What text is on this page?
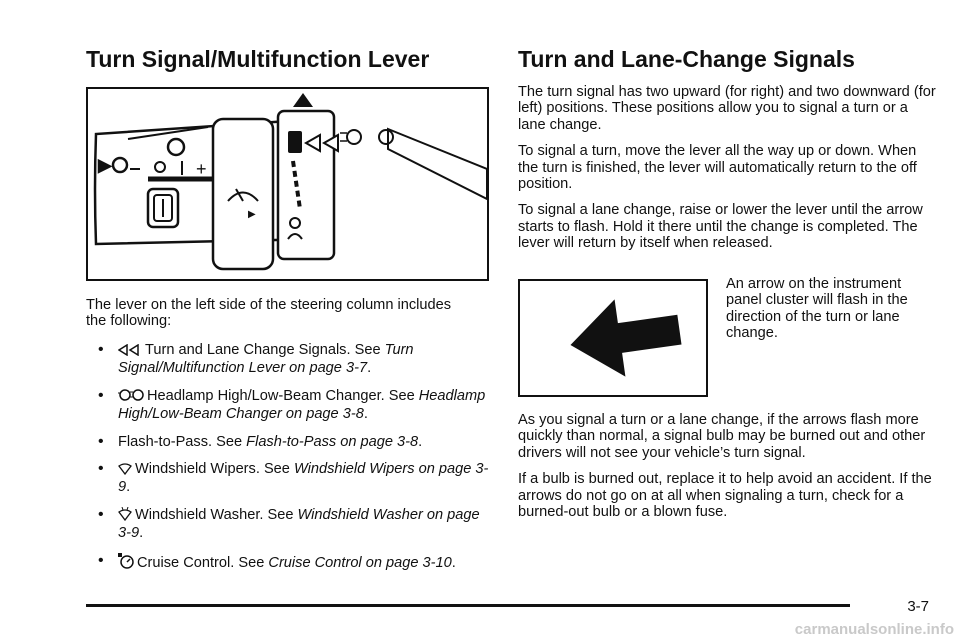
Turn Signal/Multifunction Lever
▶	+
▶

The lever on the left side of the steering column includes the following:

• Turn and Lane Change Signals. See Turn Signal/Multifunction Lever on page 3-7.
• Headlamp High/Low-Beam Changer. See Headlamp High/Low-Beam Changer on page 3-8.
• Flash-to-Pass. See Flash-to-Pass on page 3-8.
• Windshield Wipers. See Windshield Wipers on page 3-9.
• Windshield Washer. See Windshield Washer on page 3-9.
• Cruise Control. See Cruise Control on page 3-10.
Turn and Lane-Change Signals

The turn signal has two upward (for right) and two downward (for left) positions. These positions allow you to signal a turn or a lane change.

To signal a turn, move the lever all the way up or down. When the turn is finished, the lever will automatically return to the off position.

To signal a lane change, raise or lower the lever until the arrow starts to flash. Hold it there until the change is completed. The lever will return by itself when released.

An arrow on the instrument panel cluster will flash in the direction of the turn or lane change.

As you signal a turn or a lane change, if the arrows flash more quickly than normal, a signal bulb may be burned out and other drivers will not see your vehicle’s turn signal.

If a bulb is burned out, replace it to help avoid an accident. If the arrows do not go on at all when signaling a turn, check for a burned-out bulb or a blown fuse.

3-7
carmanualsonline.info
